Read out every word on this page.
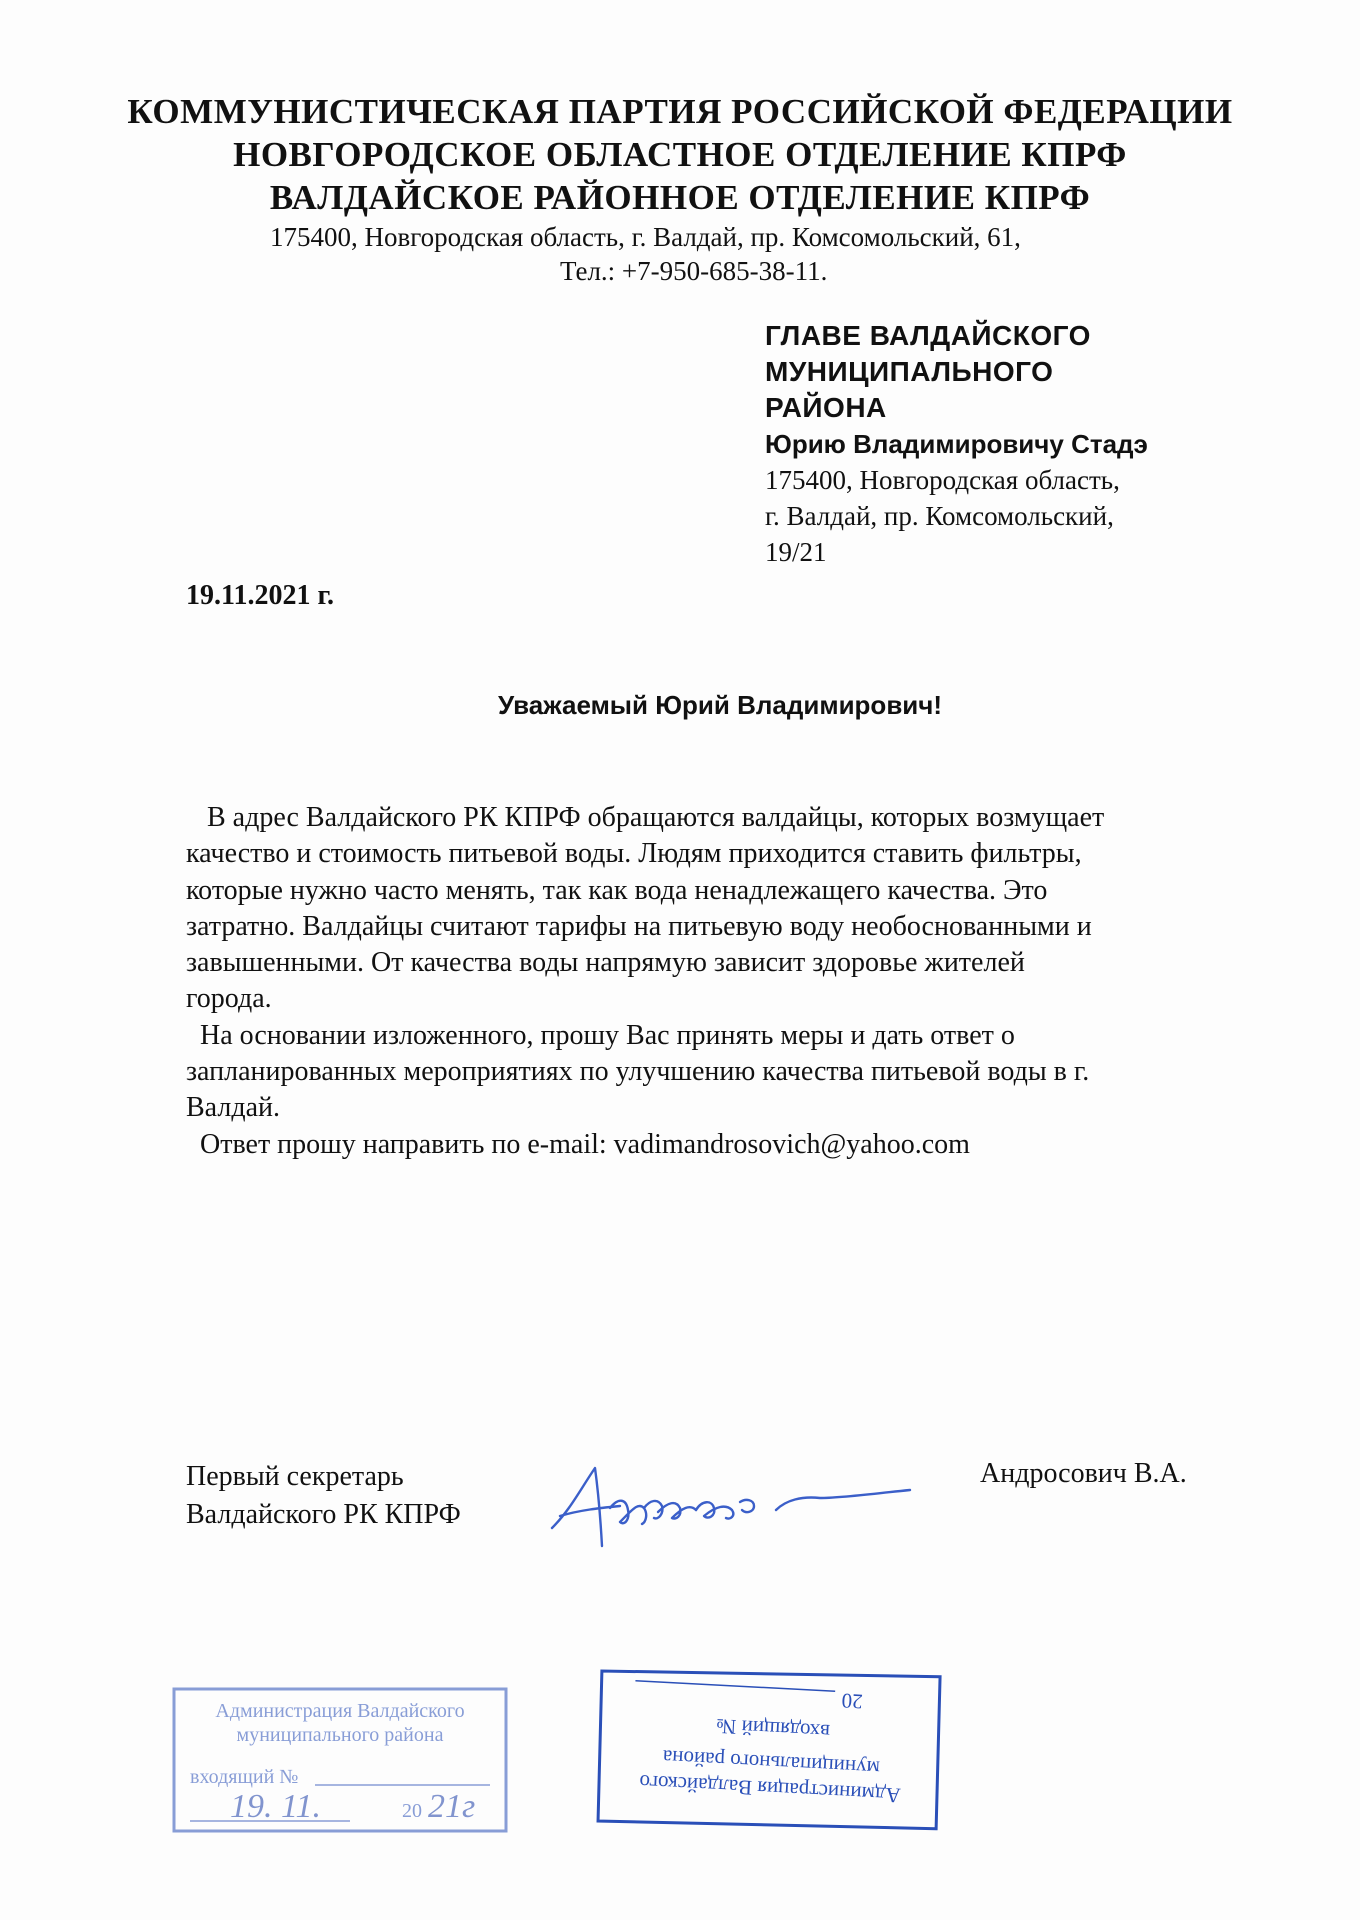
КОММУНИСТИЧЕСКАЯ ПАРТИЯ РОССИЙСКОЙ ФЕДЕРАЦИИ
НОВГОРОДСКОЕ ОБЛАСТНОЕ ОТДЕЛЕНИЕ КПРФ
ВАЛДАЙСКОЕ РАЙОННОЕ ОТДЕЛЕНИЕ КПРФ
175400, Новгородская область, г. Валдай, пр. Комсомольский, 61,
Тел.: +7-950-685-38-11.
ГЛАВЕ ВАЛДАЙСКОГО
МУНИЦИПАЛЬНОГО
РАЙОНА
Юрию Владимировичу Стадэ
175400, Новгородская область,
г. Валдай, пр. Комсомольский,
19/21
19.11.2021 г.
Уважаемый Юрий Владимирович!
В адрес Валдайского РК КПРФ обращаются валдайцы, которых возмущает
качество и стоимость питьевой воды. Людям приходится ставить фильтры,
которые нужно часто менять, так как вода ненадлежащего качества. Это
затратно. Валдайцы считают тарифы на питьевую воду необоснованными и
завышенными. От качества воды напрямую зависит здоровье жителей
города.
На основании изложенного, прошу Вас принять меры и дать ответ о
запланированных мероприятиях по улучшению качества питьевой воды в г.
Валдай.
Ответ прошу направить по e-mail: vadimandrosovich@yahoo.com
Первый секретарь
Валдайского РК КПРФ
Андросович В.А.
Администрация Валдайского
муниципального района
входящий №
19. 11.	20 21г	Администрация Валдайского
муниципального района
входящий №
20
